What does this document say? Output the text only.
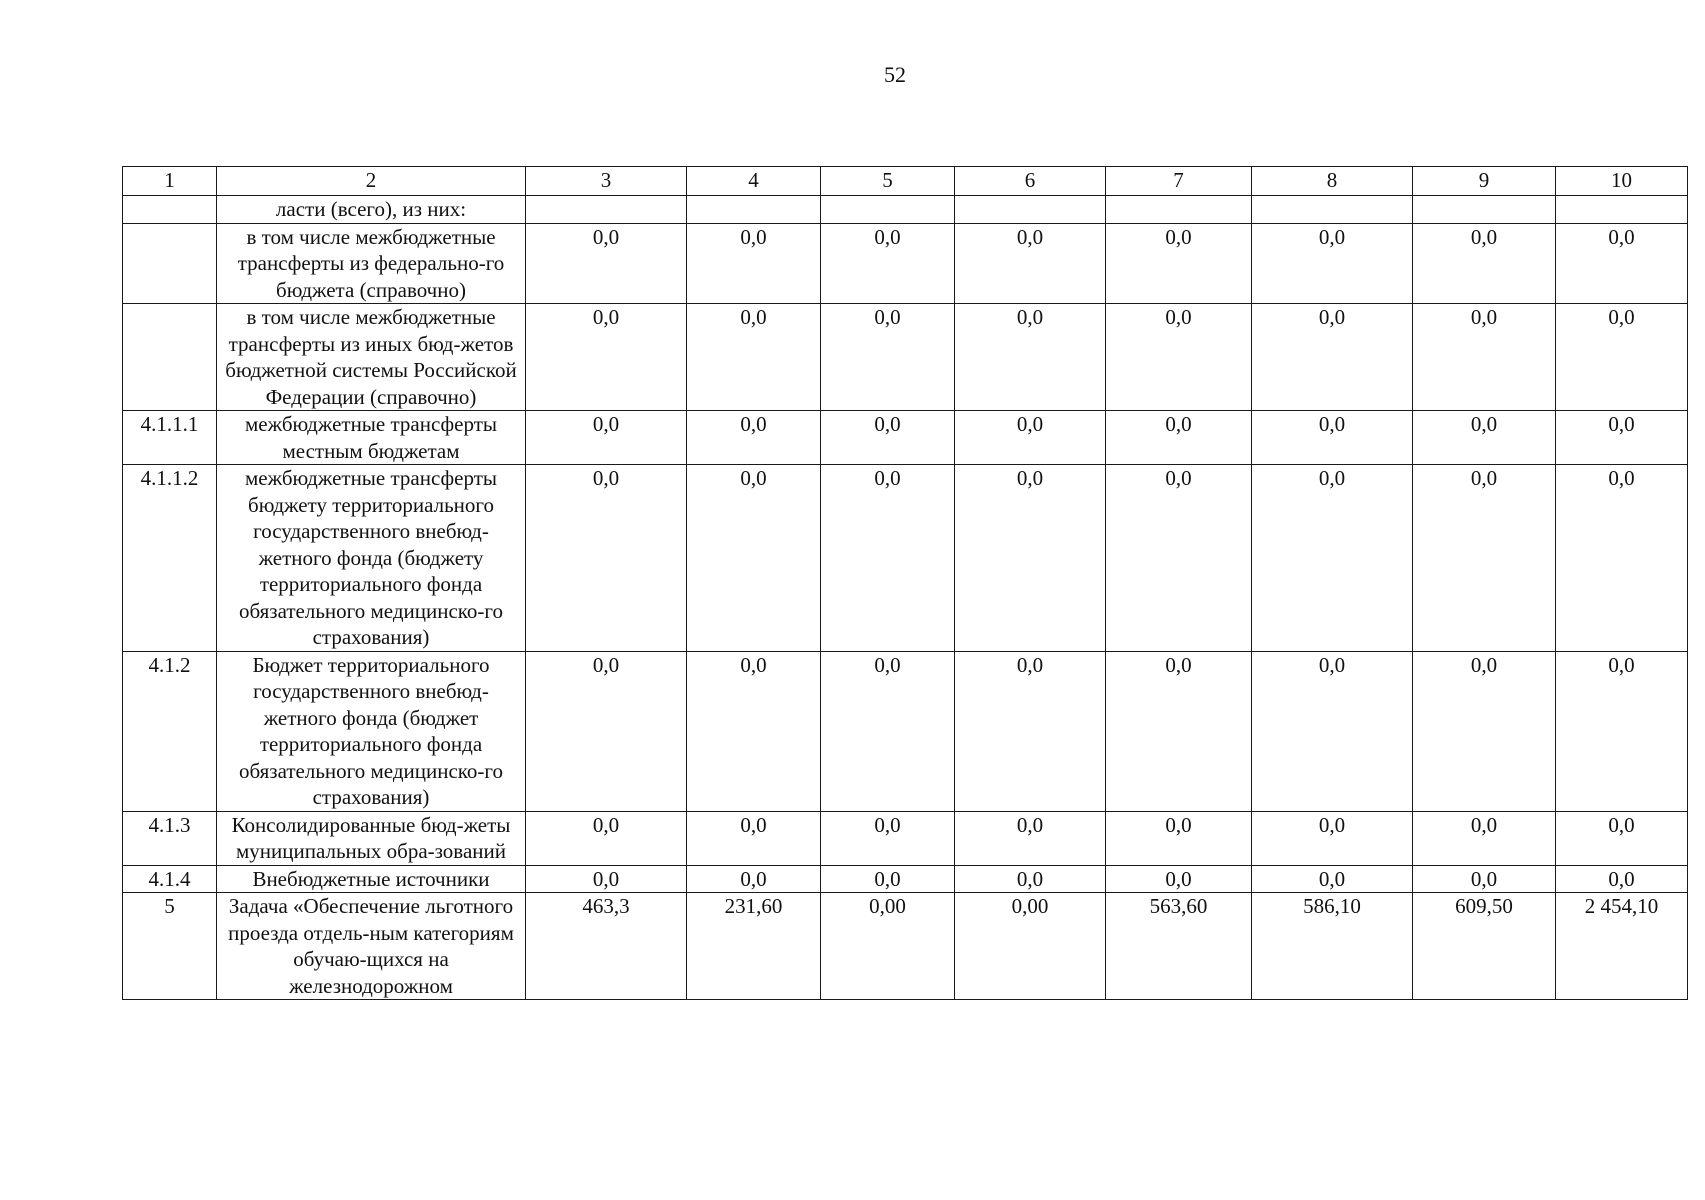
52
1	2	3	4	5	6	7	8	9	10
	ласти (всего), из них:								
	в том числе межбюджетные трансферты из федерально-го бюджета (справочно)	0,0	0,0	0,0	0,0	0,0	0,0	0,0	0,0
	в том числе межбюджетные трансферты из иных бюд-жетов бюджетной системы Российской Федерации (справочно)	0,0	0,0	0,0	0,0	0,0	0,0	0,0	0,0
4.1.1.1	межбюджетные трансферты местным бюджетам	0,0	0,0	0,0	0,0	0,0	0,0	0,0	0,0
4.1.1.2	межбюджетные трансферты бюджету территориального государственного внебюд-жетного фонда (бюджету территориального фонда обязательного медицинско-го страхования)	0,0	0,0	0,0	0,0	0,0	0,0	0,0	0,0
4.1.2	Бюджет территориального государственного внебюд-жетного фонда (бюджет территориального фонда обязательного медицинско-го страхования)	0,0	0,0	0,0	0,0	0,0	0,0	0,0	0,0
4.1.3	Консолидированные бюд-жеты муниципальных обра-зований	0,0	0,0	0,0	0,0	0,0	0,0	0,0	0,0
4.1.4	Внебюджетные источники	0,0	0,0	0,0	0,0	0,0	0,0	0,0	0,0
5	Задача «Обеспечение льготного проезда отдель-ным категориям обучаю-щихся на железнодорожном	463,3	231,60	0,00	0,00	563,60	586,10	609,50	2 454,10
